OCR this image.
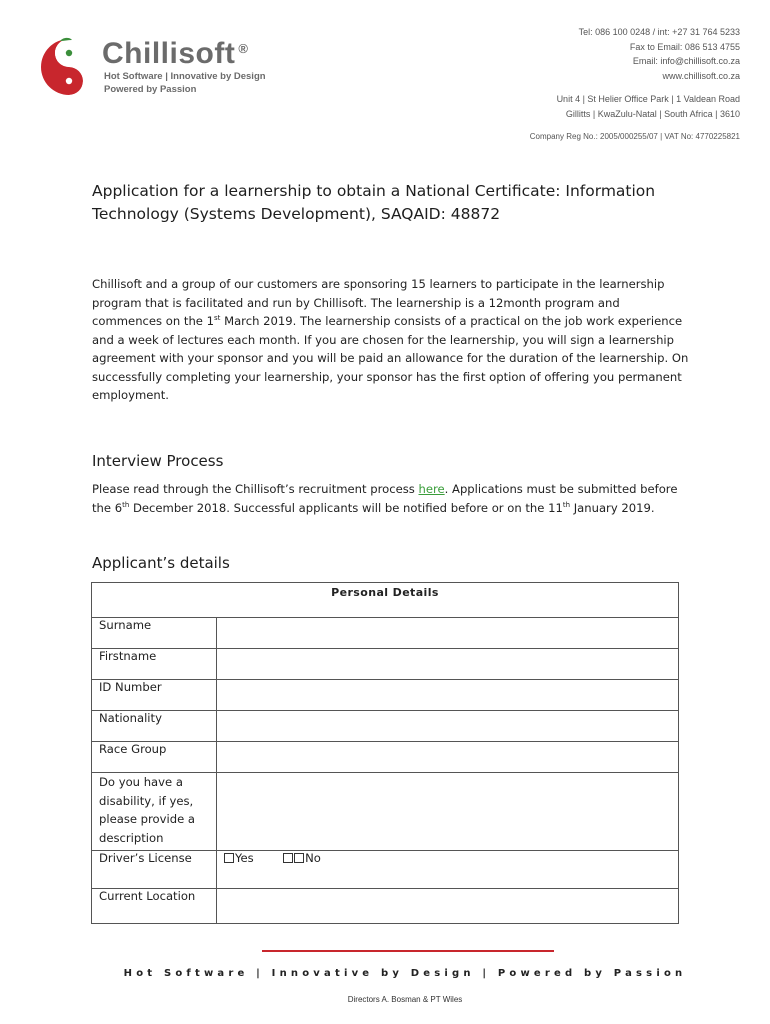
Chillisoft ®
Hot Software | Innovative by Design
Powered by Passion
Tel: 086 100 0248 / int: +27 31 764 5233
Fax to Email: 086 513 4755
Email: info@chillisoft.co.za
www.chillisoft.co.za
Unit 4 | St Helier Office Park | 1 Valdean Road
Gillitts | KwaZulu-Natal | South Africa | 3610
Company Reg No.: 2005/000255/07 | VAT No: 4770225821
Application for a learnership to obtain a National Certificate: Information Technology (Systems Development), SAQAID: 48872
Chillisoft and a group of our customers are sponsoring 15 learners to participate in the learnership program that is facilitated and run by Chillisoft. The learnership is a 12month program and commences on the 1st March 2019. The learnership consists of a practical on the job work experience and a week of lectures each month. If you are chosen for the learnership, you will sign a learnership agreement with your sponsor and you will be paid an allowance for the duration of the learnership. On successfully completing your learnership, your sponsor has the first option of offering you permanent employment.
Interview Process
Please read through the Chillisoft’s recruitment process here. Applications must be submitted before the 6th December 2018. Successful applicants will be notified before or on the 11th January 2019.
Applicant’s details
Personal Details	
Surname	
Firstname	
ID Number	
Nationality	
Race Group	
Do you have a disability, if yes, please provide a description	
Driver’s License	Yes No
Current Location	
Hot Software | Innovative by Design | Powered by Passion
Directors A. Bosman & PT Wiles
